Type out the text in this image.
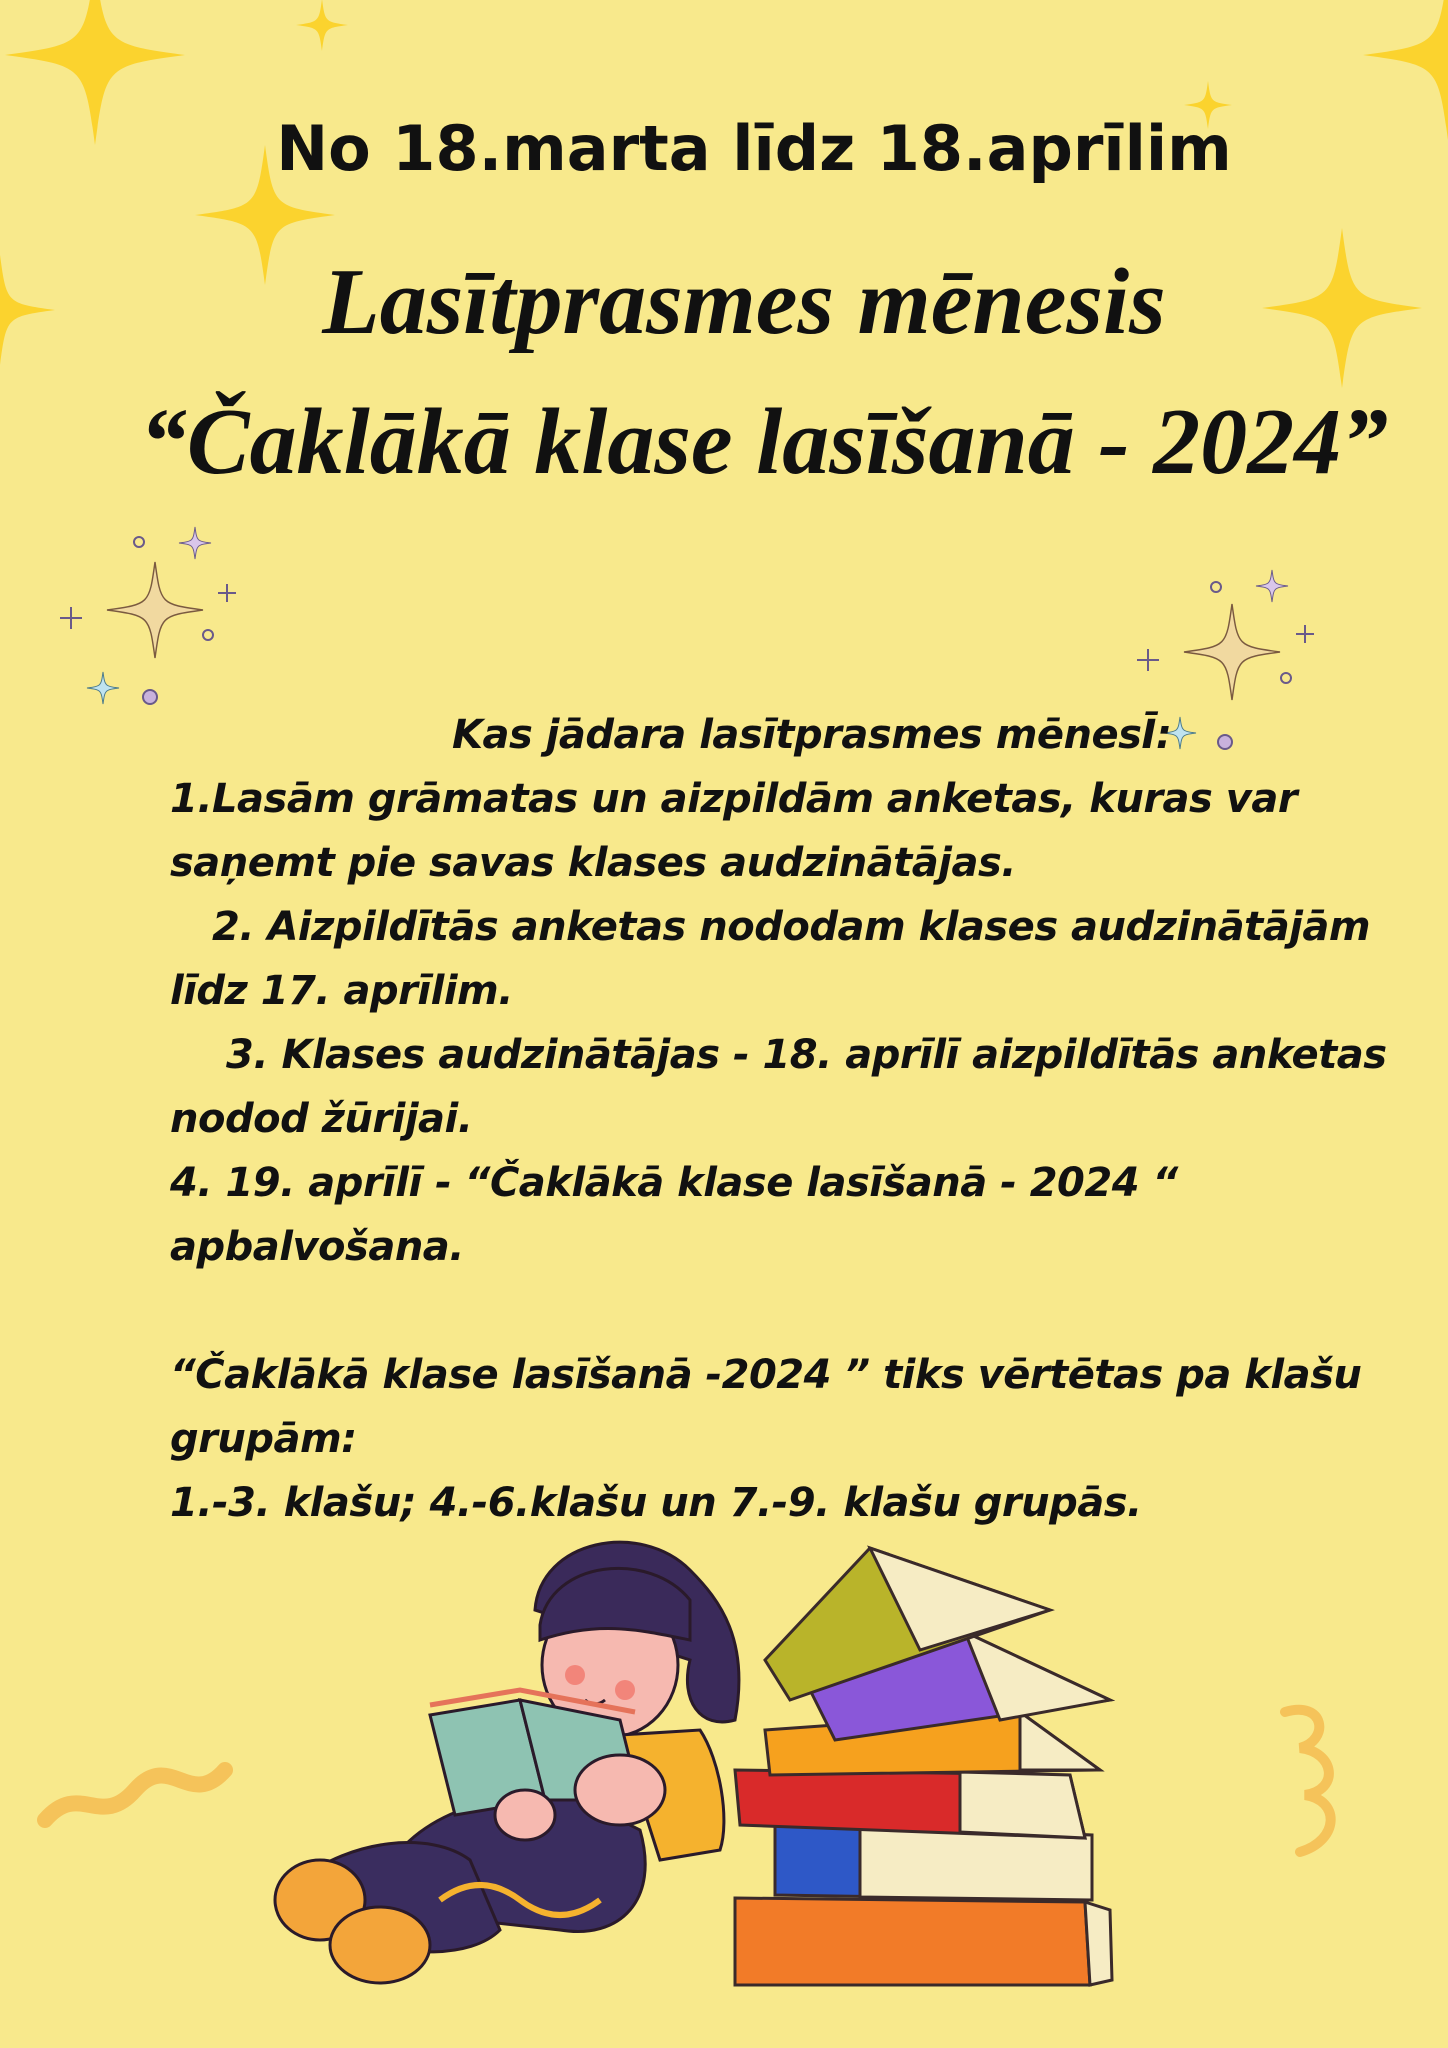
No 18.marta līdz 18.aprīlim
Lasītprasmes mēnesis
“Čaklākā klase lasīšanā - 2024”
Kas jādara lasītprasmes mēnesĪ:
1.Lasām grāmatas un aizpildām anketas, kuras var
saņemt pie savas klases audzinātājas.
2. Aizpildītās anketas nododam klases audzinātājām
līdz 17. aprīlim.
3. Klases audzinātājas - 18. aprīlī aizpildītās anketas
nodod žūrijai.
4. 19. aprīlī - “Čaklākā klase lasīšanā - 2024 “
apbalvošana.
“Čaklākā klase lasīšanā -2024 ” tiks vērtētas pa klašu
grupām:
1.-3. klašu; 4.-6.klašu un 7.-9. klašu grupās.
